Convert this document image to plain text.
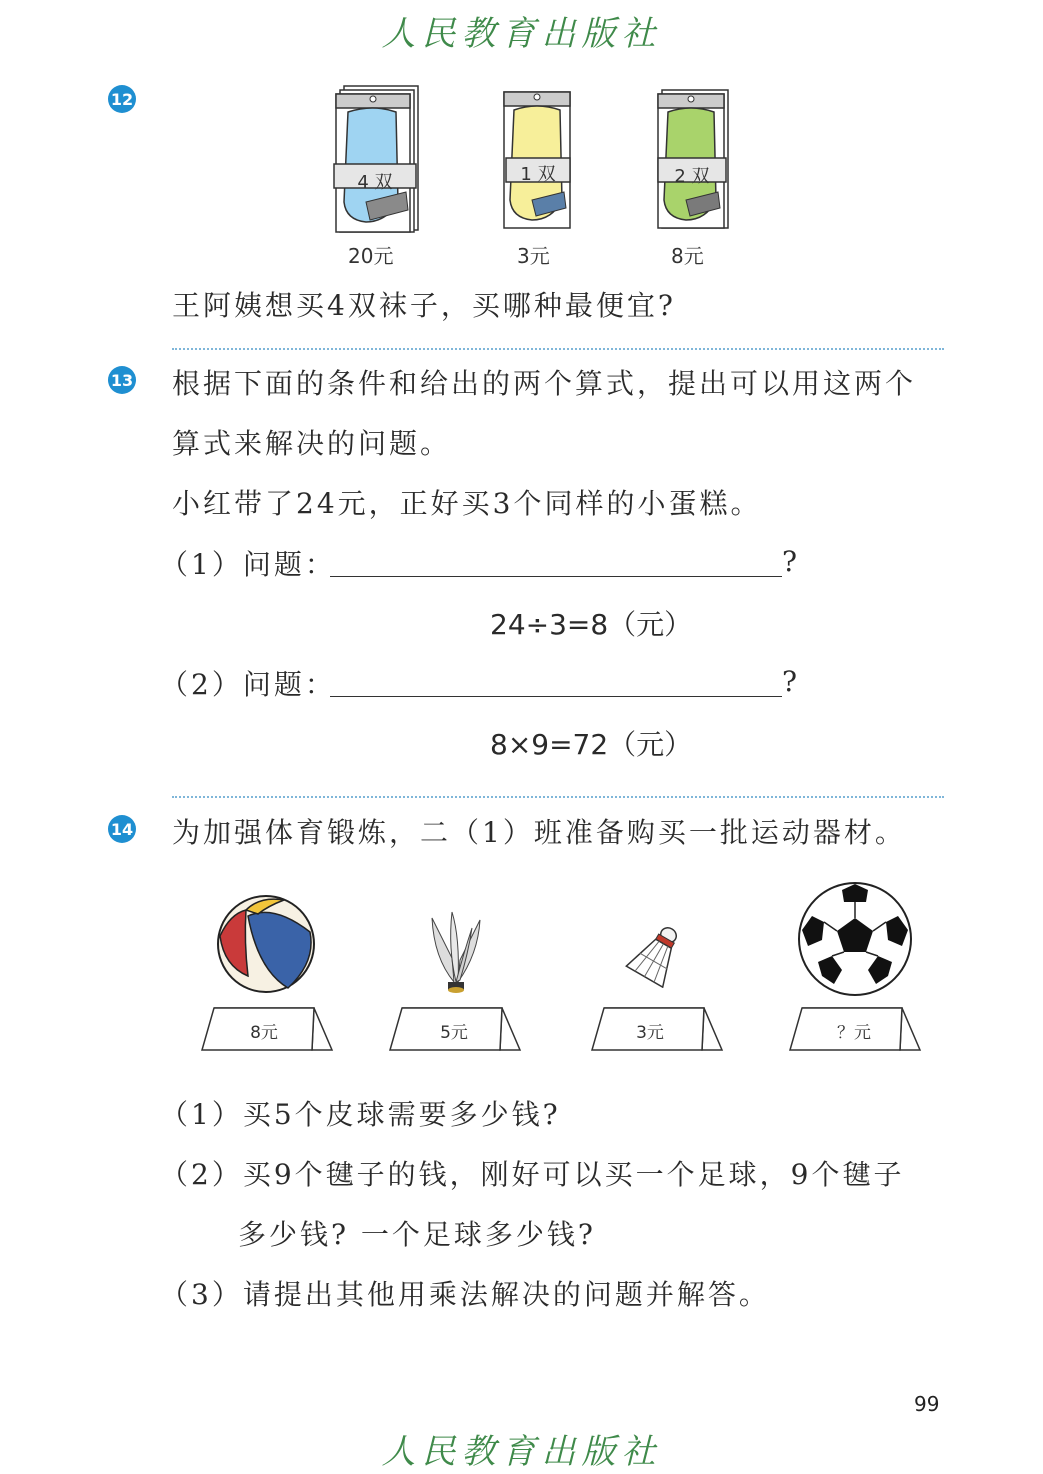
人民教育出版社
12
4 双
20元
1 双
3元
2 双
8元
王阿姨想买4双袜子，买哪种最便宜?
13 根据下面的条件和给出的两个算式，提出可以用这两个
算式来解决的问题。
小红带了24元，正好买3个同样的小蛋糕。
（1）问题：	?
24÷3=8（元）
（2）问题：	?
8×9=72（元）
14 为加强体育锻炼，二（1）班准备购买一批运动器材。
8元	5元	3元	？元
（1）买5个皮球需要多少钱?
（2）买9个毽子的钱，刚好可以买一个足球，9个毽子
多少钱? 一个足球多少钱?
（3）请提出其他用乘法解决的问题并解答。
99
人民教育出版社
